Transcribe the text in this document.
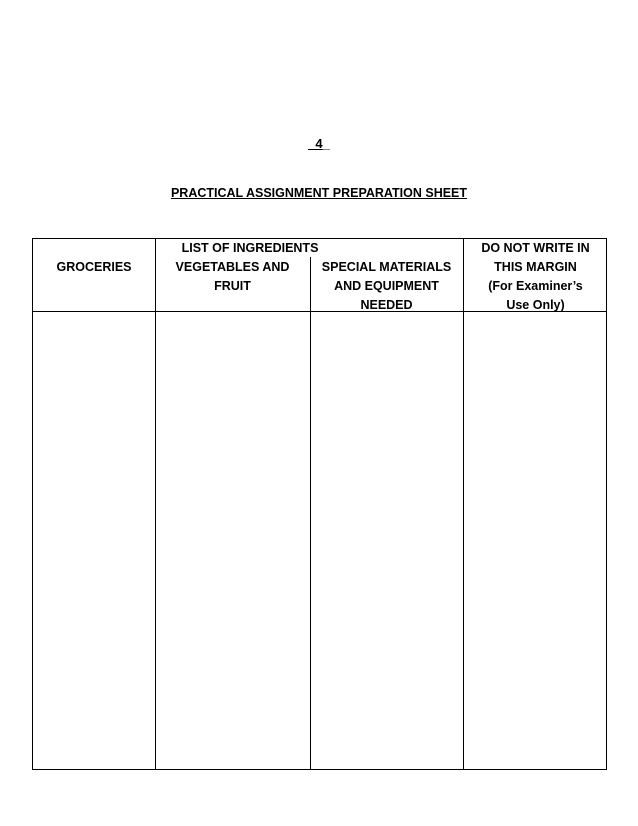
_4_
PRACTICAL ASSIGNMENT PREPARATION SHEET
LIST OF INGREDIENTS
GROCERIES	VEGETABLES AND
FRUIT
SPECIAL MATERIALS
AND EQUIPMENT
NEEDED
DO NOT WRITE IN
THIS MARGIN
(For Examiner’s
Use Only)
